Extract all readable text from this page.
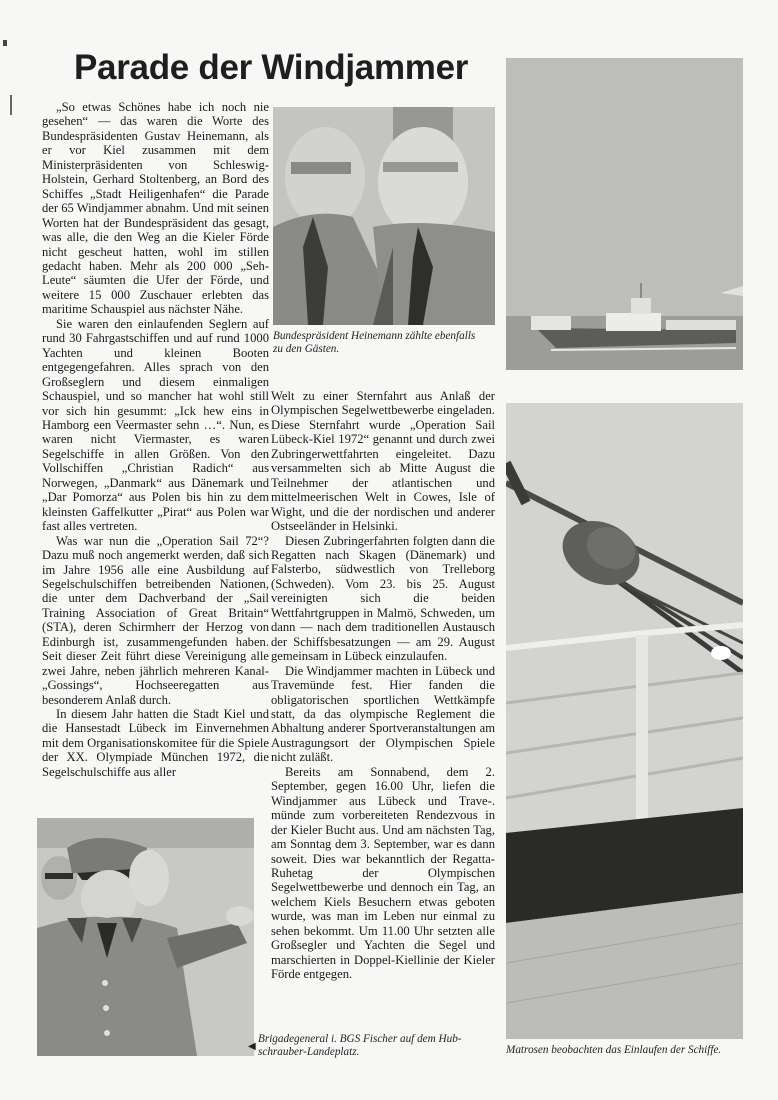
Parade der Windjammer

„So etwas Schönes habe ich noch nie gesehen“ — das waren die Worte des Bundespräsidenten Gustav Heinemann, als er vor Kiel zusammen mit dem Ministerpräsidenten von Schleswig-Holstein, Gerhard Stoltenberg, an Bord des Schiffes „Stadt Heiligenhafen“ die Parade der 65 Windjammer abnahm. Und mit seinen Worten hat der Bundespräsident das gesagt, was alle, die den Weg an die Kieler Förde nicht gescheut hatten, wohl im stillen gedacht haben. Mehr als 200 000 „Seh-Leute“ säumten die Ufer der Förde, und weitere 15 000 Zuschauer erlebten das maritime Schauspiel aus nächster Nähe.

Sie waren den einlaufenden Seglern auf rund 30 Fahrgastschiffen und auf rund 1000 Yachten und kleinen Booten entgegengefahren. Alles sprach von den Großseglern und diesem einmaligen Schauspiel, und so mancher hat wohl still vor sich hin gesummt: „Ick hew eins in Hamborg een Veermaster sehn …“. Nun, es waren nicht Viermaster, es waren Segelschiffe in allen Größen. Von den Vollschiffen „Christian Radich“ aus Norwegen, „Danmark“ aus Dänemark und „Dar Pomorza“ aus Polen bis hin zu dem kleinsten Gaffelkutter „Pirat“ aus Polen war fast alles vertreten.

Was war nun die „Operation Sail 72“? Dazu muß noch angemerkt werden, daß sich im Jahre 1956 alle eine Ausbildung auf Segelschulschiffen betreibenden Nationen, die unter dem Dachverband der „Sail Training Association of Great Britain“ (STA), deren Schirmherr der Herzog von Edinburgh ist, zusammengefunden haben. Seit dieser Zeit führt diese Vereinigung alle zwei Jahre, neben jährlich mehreren Kanal-„Gossings“, Hochseeregatten aus besonderem Anlaß durch.

In diesem Jahr hatten die Stadt Kiel und die Hansestadt Lübeck im Einvernehmen mit dem Organisationskomitee für die Spiele der XX. Olympiade München 1972, die Segelschulschiffe aus aller

Bundespräsident Heinemann zählte ebenfalls
zu den Gästen.

Welt zu einer Sternfahrt aus Anlaß der Olympischen Segelwettbewerbe eingeladen. Diese Sternfahrt wurde „Operation Sail Lübeck-Kiel 1972“ genannt und durch zwei Zubringerwettfahrten eingeleitet. Dazu versammelten sich ab Mitte August die Teilnehmer der atlantischen und mittelmeerischen Welt in Cowes, Isle of Wight, und die der nordischen und anderer Ostseeländer in Helsinki.

Diesen Zubringerfahrten folgten dann die Regatten nach Skagen (Dänemark) und Falsterbo, südwestlich von Trelleborg (Schweden). Vom 23. bis 25. August vereinigten sich die beiden Wettfahrtgruppen in Malmö, Schweden, um dann — nach dem traditionellen Austausch der Schiffsbesatzungen — am 29. August gemeinsam in Lübeck einzulaufen.

Die Windjammer machten in Lübeck und Travemünde fest. Hier fanden die obligatorischen sportlichen Wettkämpfe statt, da das olympische Reglement die Abhaltung anderer Sportveranstaltungen am Austragungsort der Olympischen Spiele nicht zuläßt.

Bereits am Sonnabend, dem 2. September, gegen 16.00 Uhr, liefen die Windjammer aus Lübeck und Trave-. münde zum vorbereiteten Rendezvous in der Kieler Bucht aus. Und am nächsten Tag, am Sonntag dem 3. September, war es dann soweit. Dies war bekanntlich der Regatta-Ruhetag der Olympischen Segelwettbewerbe und dennoch ein Tag, an welchem Kiels Besuchern etwas geboten wurde, was man im Leben nur einmal zu sehen bekommt. Um 11.00 Uhr setzten alle Großsegler und Yachten die Segel und marschierten in Doppel-Kiellinie der Kieler Förde entgegen.

Matrosen beobachten das Einlaufen der Schiffe.
◀
Brigadegeneral i. BGS Fischer auf dem Hub-
schrauber-Landeplatz.
